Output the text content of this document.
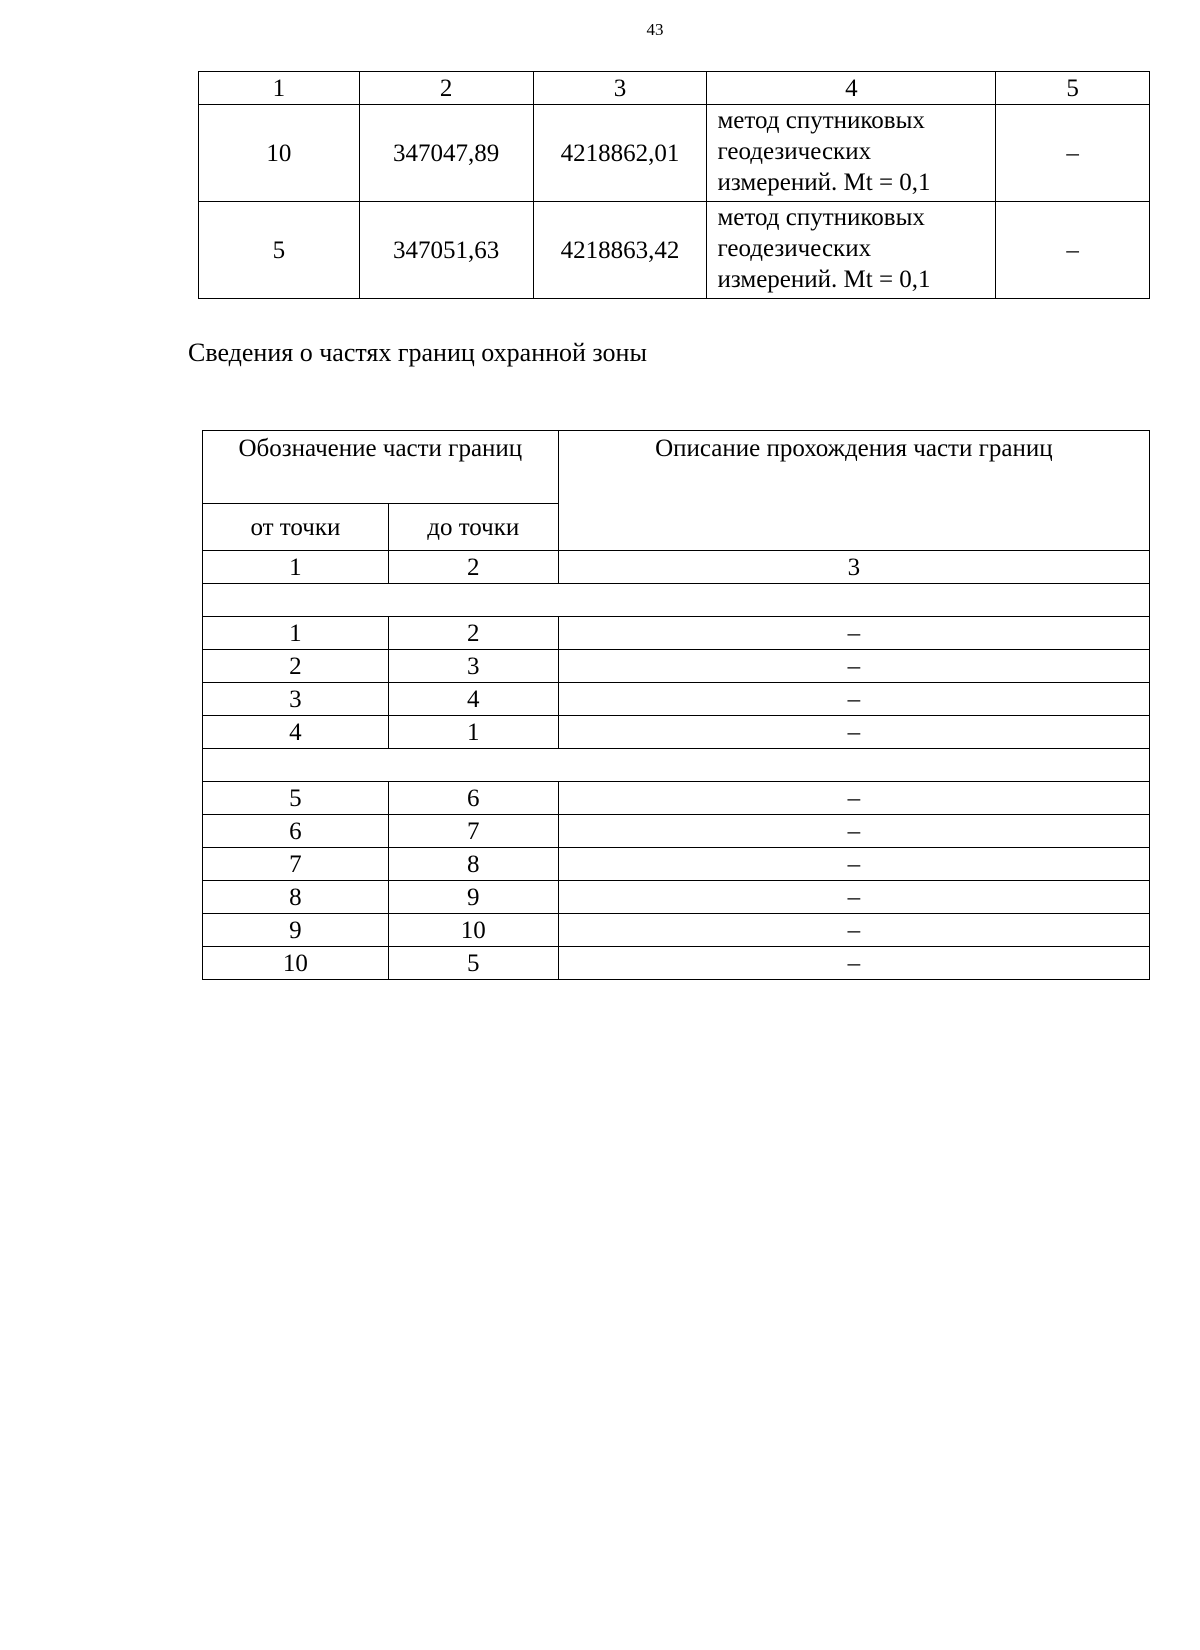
43
1	2	3	4	5
10	347047,89	4218862,01	метод спутниковых
геодезических
измерений. Mt = 0,1	–
5	347051,63	4218863,42	метод спутниковых
геодезических
измерений. Mt = 0,1	–
Сведения о частях границ охранной зоны
Обозначение части границ		Описание прохождения части границ
от точки	до точки	
1	2	3

1	2	–
2	3	–
3	4	–
4	1	–

5	6	–
6	7	–
7	8	–
8	9	–
9	10	–
10	5	–
